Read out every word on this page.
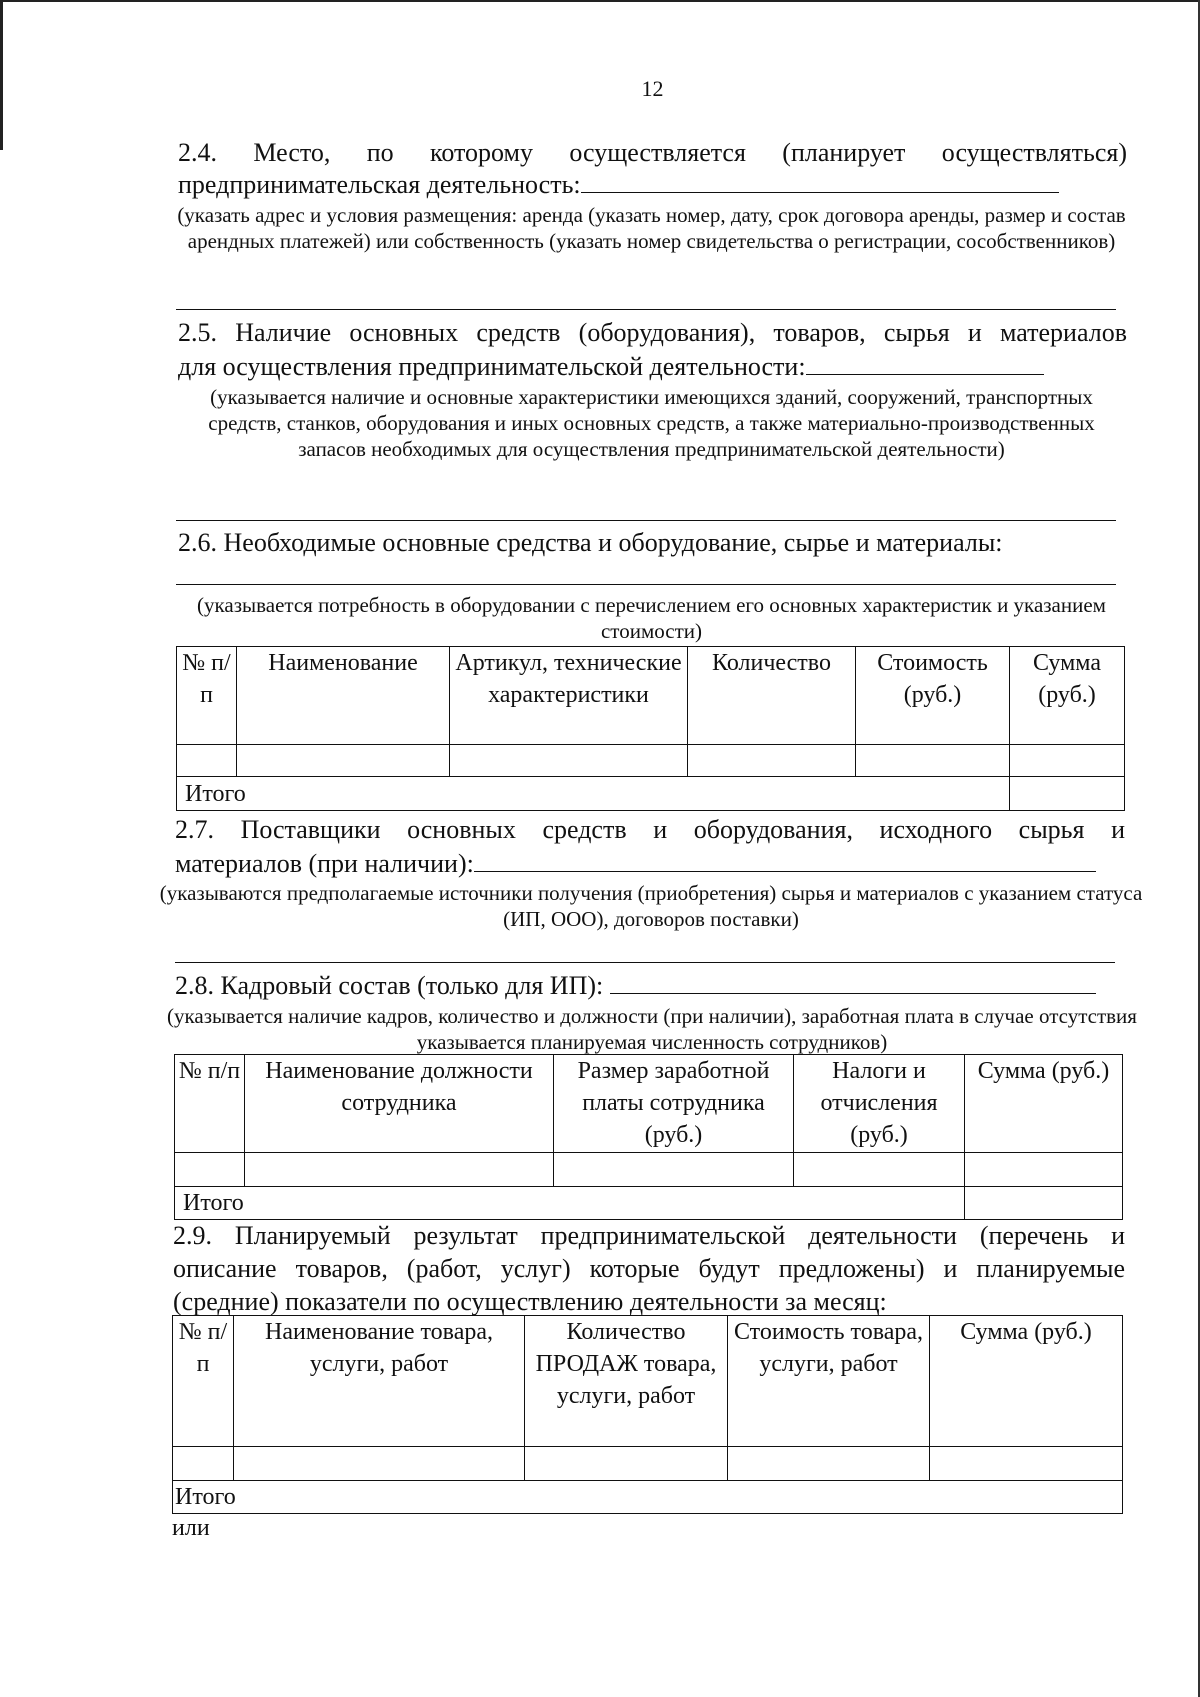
12
2.4. Место, по которому осуществляется (планирует осуществляться)
предпринимательская деятельность:
(указать адрес и условия размещения: аренда (указать номер, дату, срок договора аренды, размер и состав арендных платежей) или собственность (указать номер свидетельства о регистрации, сособственников)
2.5. Наличие основных средств (оборудования), товаров, сырья и материалов
для осуществления предпринимательской деятельности:
(указывается наличие и основные характеристики имеющихся зданий, сооружений, транспортных средств, станков, оборудования и иных основных средств, а также материально-производственных запасов необходимых для осуществления предпринимательской деятельности)
2.6. Необходимые основные средства и оборудование, сырье и материалы:
(указывается потребность в оборудовании с перечислением его основных характеристик и указанием стоимости)
№ п/п	Наименование	Артикул, технические характеристики	Количество	Стоимость (руб.)	Сумма (руб.)

Итого					
2.7. Поставщики основных средств и оборудования, исходного сырья и
материалов (при наличии):
(указываются предполагаемые источники получения (приобретения) сырья и материалов с указанием статуса (ИП, ООО), договоров поставки)
2.8. Кадровый состав (только для ИП):
(указывается наличие кадров, количество и должности (при наличии), заработная плата в случае отсутствия указывается планируемая численность сотрудников)
№ п/п	Наименование должности сотрудника	Размер заработной платы сотрудника (руб.)	Налоги и отчисления (руб.)	Сумма (руб.)

Итого				
2.9. Планируемый результат предпринимательской деятельности (перечень и описание товаров, (работ, услуг) которые будут предложены) и планируемые (средние) показатели по осуществлению деятельности за месяц:
№ п/п	Наименование товара, услуги, работ	Количество ПРОДАЖ товара, услуги, работ	Стоимость товара, услуги, работ	Сумма (руб.)

Итого				
или
